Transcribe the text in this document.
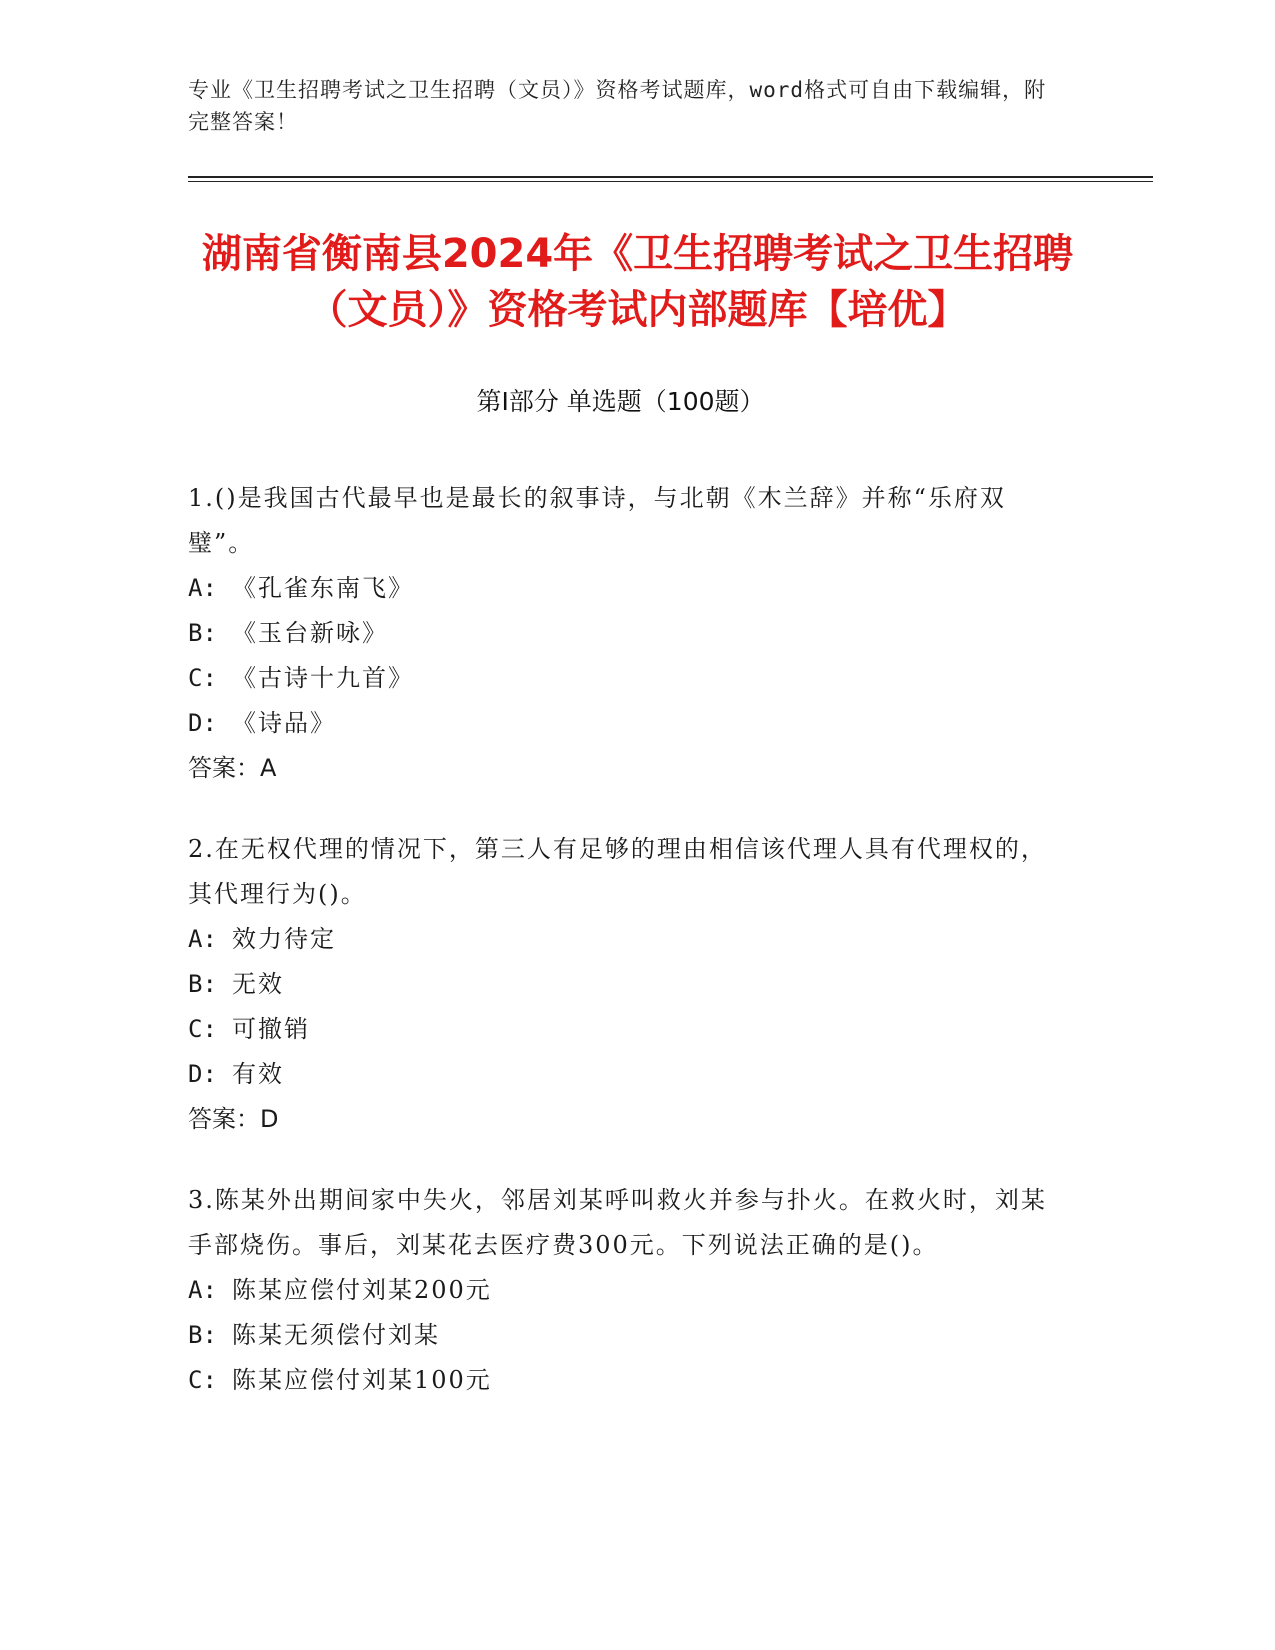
专业《卫生招聘考试之卫生招聘（文员）》资格考试题库，word格式可自由下载编辑，附完整答案！
湖南省衡南县2024年《卫生招聘考试之卫生招聘（文员）》资格考试内部题库【培优】
第Ⅰ部分 单选题（100题）

1.()是我国古代最早也是最长的叙事诗，与北朝《木兰辞》并称“乐府双璧”。

A: 《孔雀东南飞》

B: 《玉台新咏》

C: 《古诗十九首》

D: 《诗品》

答案：A

2.在无权代理的情况下，第三人有足够的理由相信该代理人具有代理权的，其代理行为()。

A: 效力待定

B: 无效

C: 可撤销

D: 有效

答案：D

3.陈某外出期间家中失火，邻居刘某呼叫救火并参与扑火。在救火时，刘某手部烧伤。事后，刘某花去医疗费300元。下列说法正确的是()。

A: 陈某应偿付刘某200元

B: 陈某无须偿付刘某

C: 陈某应偿付刘某100元
